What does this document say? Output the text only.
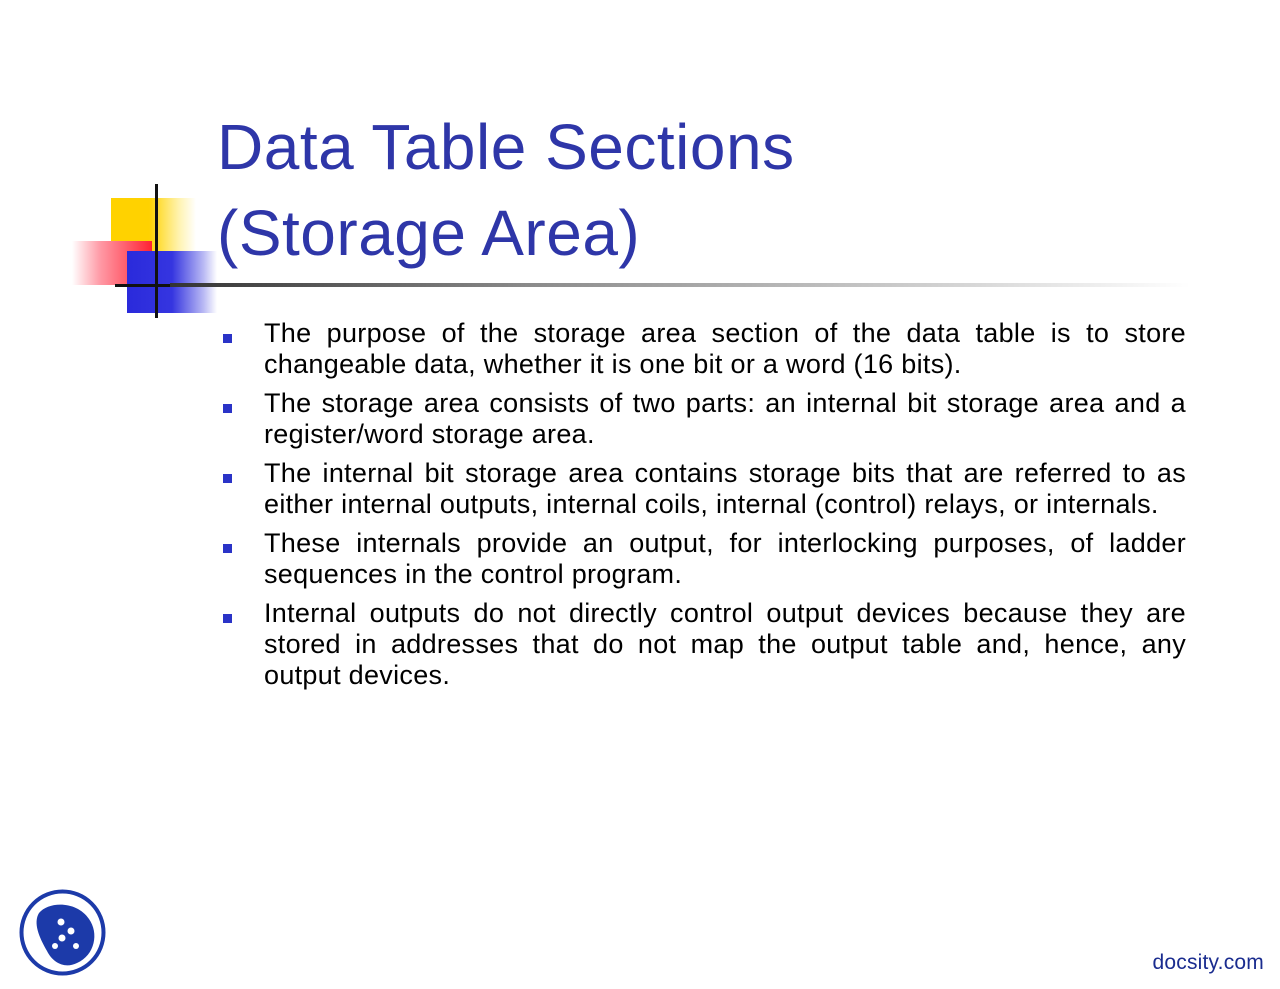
Data Table Sections
(Storage Area)
The purpose of the storage area section of the data table is to store changeable data, whether it is one bit or a word (16 bits).
The storage area consists of two parts: an internal bit storage area and a register/word storage area.
The internal bit storage area contains storage bits that are referred to as either internal outputs, internal coils, internal (control) relays, or internals.
These internals provide an output, for interlocking purposes, of ladder sequences in the control program.
Internal outputs do not directly control output devices because they are stored in addresses that do not map the output table and, hence, any output devices.
docsity.com
